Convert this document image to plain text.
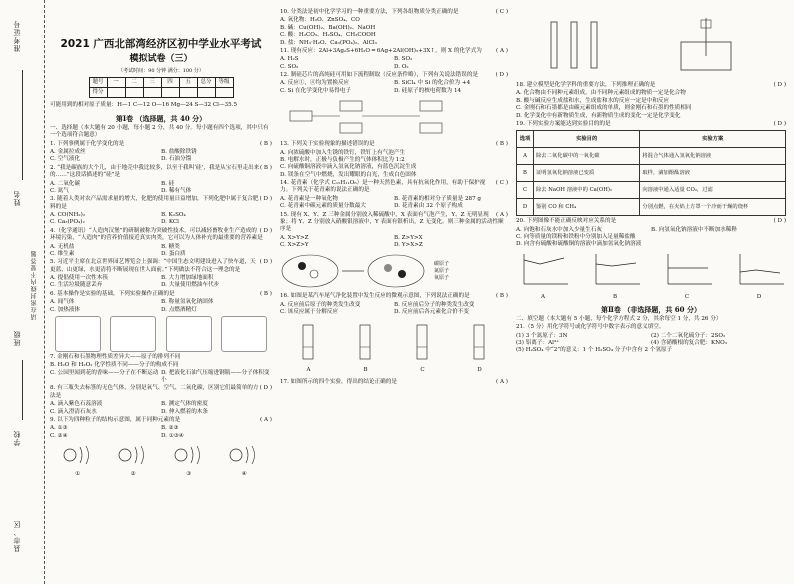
准考证号
姓名
请在密封线内不要答题
班级
学校
县市、区
2021 广西北部湾经济区初中学业水平考试
模拟试卷（三）
（考试时间：90 分钟 满分：100 分）
题号	一	二	三	四	五	总分	等级
得分							
可能用到的相对原子质量：H—1 C—12 O—16 Mg—24 S—32 Cl—35.5
第Ⅰ卷 （选择题，共 40 分）
一、选择题（本大题有 20 小题，每小题 2 分，共 40 分。每小题有四个选项，其中只有一个选项符合题意）
( B )
1. 下列事例属于化学变化的是
A. 金属拉成丝	B. 盐酸除铁锈
C. 空气液化	D. 石油分馏
( B )
2. “我是碳族的大个儿，由于地壳中我比较多，以至于我叫‘硅’，我是从宝石里走出来的……”这段话描述的“硅”是
A. 二氧化碳	B. 硅
C. 氮气	D. 稀有气体
( D )
3. 随着人类对农产品需求量的增大，化肥的使用量日益增加，下列化肥中属于复合肥料的是
A. CO(NH₂)₂	B. K₂SO₄
C. Ca₃(PO₄)₂	D. KCl
( D )
4.（化学通讯）“人造肉汉堡”的研制被称为突破性技术，可以减轻畜牧业生产造成的环境污染，“人造肉”的营养价值接近真实肉类，它可以为人体补充的最重要的营养素是
A. 无机盐	B. 糖类
C. 维生素	D. 蛋白质
( D )
5. 习近平主席在北京世界园艺博览会上强调：“中国生态文明建设进入了快车道，天更蓝，山更绿，水更清将不断展现在世人面前。”下列做法不符合这一理念的是
A. 提倡使用一次性木筷	B. 大力增加绿地面积
C. 生活垃圾随意丢弃	D. 大量使用燃油车代步
( B )
6. 基本操作是实验的基础，下列实验操作正确的是
A. 闻气体	B. 称量氢氧化钠固体
C. 加热液体	D. 点燃酒精灯
7. 金刚石和石墨物理性质差异大——原子的排列不同
B. H₂O 和 H₂O₂ 化学性质不同——分子的构成不同
C. 公园里闻到花的香味——分子在不断运动 D. 把液化石油气压缩进钢瓶——分子体积变小
( D )
8. 有三瓶失去标签的无色气体，分别是氧气、空气、二氧化碳，区别它们最简单的方法是
A. 滴入紫色石蕊溶液	B. 测定气体的密度
C. 滴入澄清石灰水	D. 伸入燃着的木条
( A )
9. 以下为四种粒子的结构示意图，属于同种元素的是
A. ①③	B. ②③
C. ②④	D. ①③④
①	②	③	④
( C )
10. 分类法是初中化学学习的一种重要方法，下列各组物质分类正确的是
A. 氧化物：H₂O、ZnSO₄、CO
B. 碱：Cu(OH)₂、Ba(OH)₂、NaOH
C. 酸：H₂CO₃、H₂SO₄、CH₃COOH
D. 盐：NH₃·H₂O、Ca₃(PO₄)₂、AlCl₃
( A )
11. 现有反应：2Al+3Ag₂S+6H₂O ═ 6Ag+2Al(OH)₃+3X↑，则 X 的化学式为
A. H₂S	B. SO₂
C. SO₃	D. O₂
( D )
12. 制硅芯片的高纯硅可用如下流程制取（反应条件略），下列有关说法错误的是
A. 反应①，④均为置换反应	B. SiCl₄ 中 Si 的化合价为 +4
C. Si 在化学变化中易得电子	D. 硅原子的核电荷数为 14
( B )
13. 下列关于实验现象的描述错误的是
A. 向浓硫酸中加入生锈的铁钉，铁钉上有气泡产生
B. 电解水时，正极与负极产生的气体体积比为 1:2
C. 向硫酸铜溶液中滴入氢氧化钠溶液，有蓝色沉淀生成
D. 镁条在空气中燃烧，发出耀眼的白光，生成白色固体
( C )
14. 花青素（化学式 C₁₅H₁₁O₆）是一种天然色素，具有抗氧化作用，有助于保护视力。下列关于花青素的说法正确的是
A. 花青素是一种氧化物	B. 花青素的相对分子质量是 287 g
C. 花青素中碳元素的质量分数最大	D. 花青素由 32 个原子构成
( A )
15. 现有 X、Y、Z 三种金属分别放入稀硫酸中，X 表面有气泡产生，Y、Z 无明显现象；将 Y、Z 分别放入硝酸银溶液中，Y 表面有银析出，Z 无变化。则三种金属的活动性顺序是
A. X>Y>Z	B. Z>Y>X
C. X>Z>Y	D. Y>X>Z
碳原子
氮原子
氧原子
( B )
16. 如图是某汽车尾气净化装置中发生反应的微观示意图，下列说法正确的是
A. 反应前后原子的种类发生改变	B. 反应前后分子的种类发生改变
C. 该反应属于分解反应	D. 反应前后各元素化合价不变
A	B	C	D
( A )
17. 如图所示的四个实验，得出的结论正确的是
( D )
18. 建立模型是化学学科的重要方法，下列推理正确的是
A. 化合物由不同种元素组成，由不同种元素组成的物质一定是化合物
B. 酸与碱反应生成盐和水，生成盐和水的反应一定是中和反应
C. 金刚石和石墨都是由碳元素组成的单质，则金刚石和石墨的性质相同
D. 化学变化中有新物质生成，有新物质生成的变化一定是化学变化
( D )
19. 下列实验方案能达到实验目的的是
选项	实验目的	实验方案
A	除去二氧化碳中的一氧化碳	将混合气体通入氢氧化钠溶液
B	证明氢氧化钠溶液已变质	取样，滴加酚酞溶液
C	除去 NaOH 溶液中的 Ca(OH)₂	向溶液中通入适量 CO₂，过滤
D	鉴别 CO 和 CH₄	分别点燃，在火焰上方罩一个冷而干燥的烧杯
( D )
20. 下列图像不能正确反映对应关系的是
A. 向饱和石灰水中加入少量生石灰	B. 向氢氧化钠溶液中不断加水稀释
C. 向等质量的镁粉和铁粉中分别加入足量稀盐酸
D. 向含有硫酸和硫酸铜的溶液中滴加氢氧化钠溶液
A	B	C	D
第Ⅱ卷 （非选择题，共 60 分）
二、填空题（本大题有 5 小题，每个化学方程式 2 分，其余每空 1 分，共 26 分）
21.（5 分）用化学符号或化学符号中数字表示的意义填空。
(1) 3 个氮原子：3N	(2) 二个二氧化硫分子：2SO₂
(3) 铝离子：Al³⁺	(4) 含硝酸根的复合肥：KNO₃
(5) H₂SO₄ 中“2”的意义：1 个 H₂SO₄ 分子中含有 2 个氢原子
